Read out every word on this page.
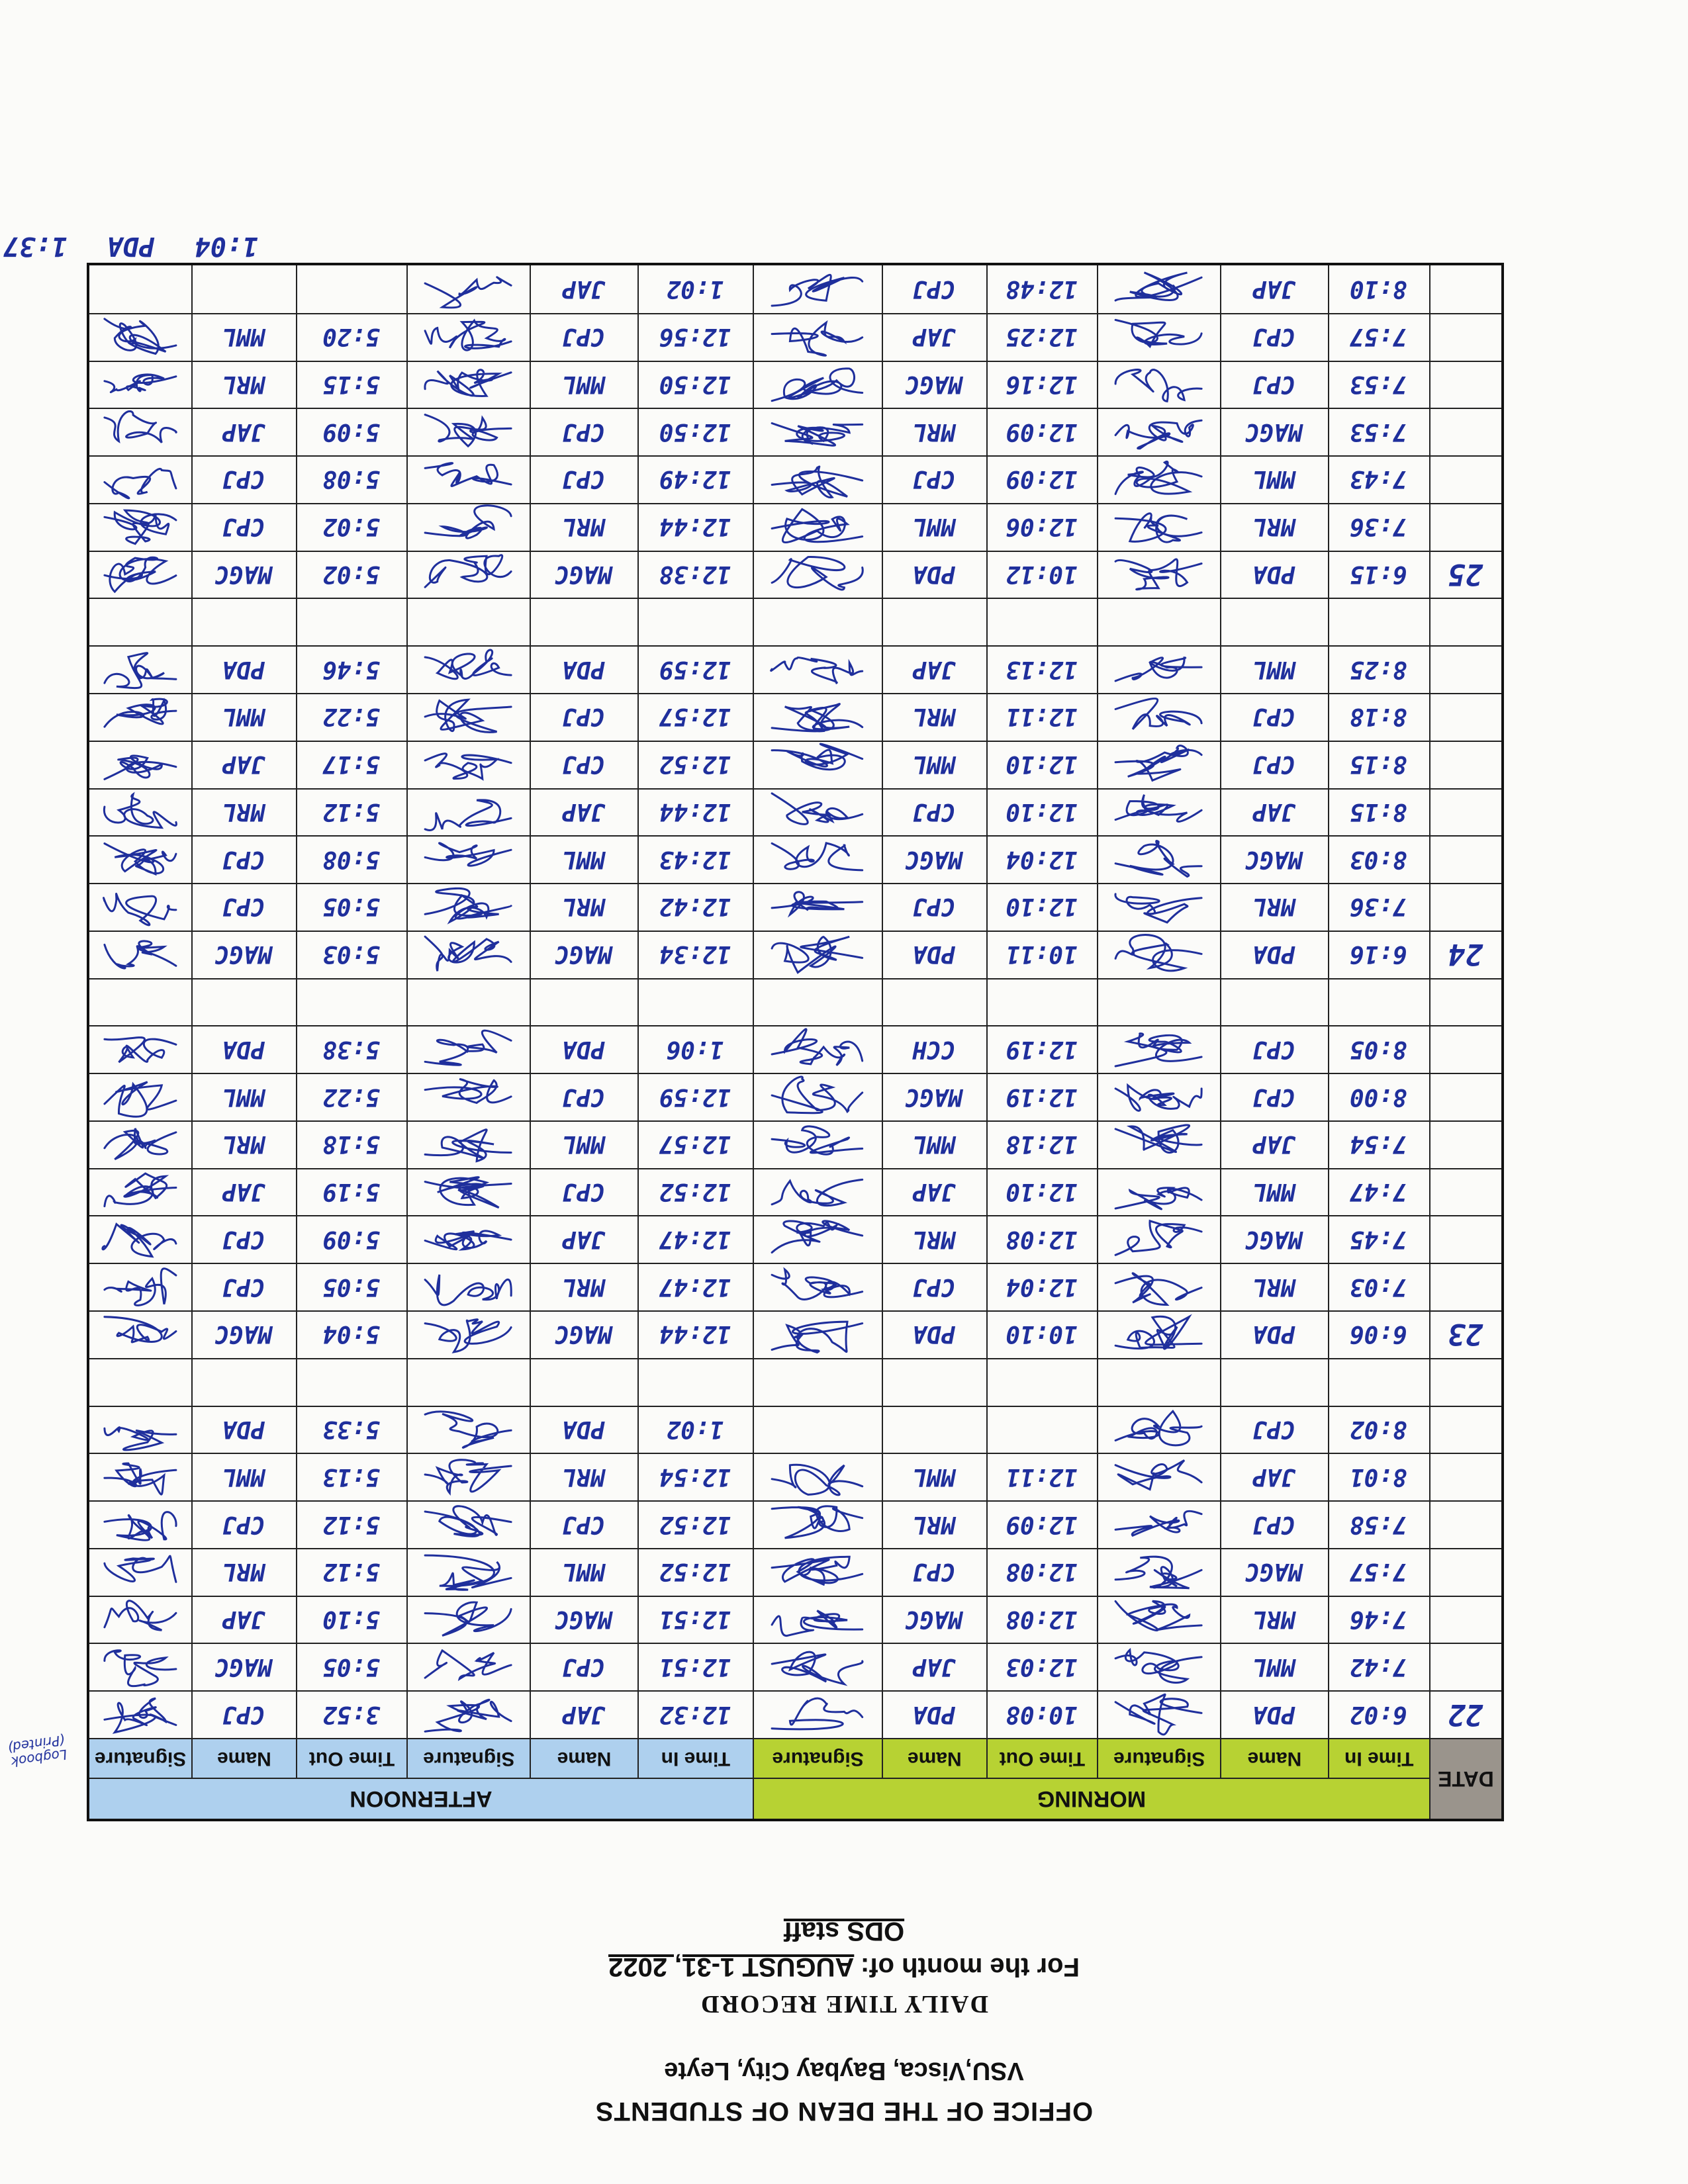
OFFICE OF THE DEAN OF STUDENTS
VSU,Visca, Baybay City, Leyte
DAILY TIME RECORD
For the month of: AUGUST 1-31, 2022
ODS staff
DATE
MORNING
AFTERNOON
Time In
Name
Signature
Time Out
Name
Signature
Time In
Name
Signature
Time Out
Name
Signature
22
6:02
PDA
10:08
PDA
12:32
JAP
3:52
CPJ
7:42
MML
12:03
JAP
12:51
CPJ
5:05
MAGC
7:46
MRL
12:08
MAGC
12:51
MAGC
5:10
JAP
7:57
MAGC
12:08
CPJ
12:52
MML
5:12
MRL
7:58
CPJ
12:09
MRL
12:52
CPJ
5:12
CPJ
8:01
JAP
12:11
MML
12:54
MRL
5:13
MML
8:02
CPJ
1:02
PDA
5:33
PDA
23
6:06
PDA
10:10
PDA
12:44
MAGC
5:04
MAGC
7:03
MRL
12:04
CPJ
12:47
MRL
5:05
CPJ
7:45
MAGC
12:08
MRL
12:47
JAP
5:09
CPJ
7:47
MML
12:10
JAP
12:52
CPJ
5:19
JAP
7:54
JAP
12:18
MML
12:57
MML
5:18
MRL
8:00
CPJ
12:19
MAGC
12:59
CPJ
5:22
MML
8:05
CPJ
12:19
CCH
1:06
PDA
5:38
PDA
24
6:16
PDA
10:11
PDA
12:34
MAGC
5:03
MAGC
7:36
MRL
12:10
CPJ
12:42
MRL
5:05
CPJ
8:03
MAGC
12:04
MAGC
12:43
MML
5:08
CPJ
8:15
JAP
12:10
CPJ
12:44
JAP
5:12
MRL
8:15
CPJ
12:10
MML
12:52
CPJ
5:17
JAP
8:18
CPJ
12:11
MRL
12:57
CPJ
5:22
MML
8:25
MML
12:13
JAP
12:59
PDA
5:46
PDA
25
6:15
PDA
10:12
PDA
12:38
MAGC
5:02
MAGC
7:36
MRL
12:06
MML
12:44
MRL
5:02
CPJ
7:43
MML
12:09
CPJ
12:49
CPJ
5:08
CPJ
7:53
MAGC
12:09
MRL
12:50
CPJ
5:09
JAP
7:53
CPJ
12:16
MAGC
12:50
MML
5:15
MRL
7:57
CPJ
12:25
JAP
12:56
CPJ
5:20
MML
8:10
JAP
12:48
CPJ
1:02
JAP
1:04
PDA
1:37
Logbook (Printed)
